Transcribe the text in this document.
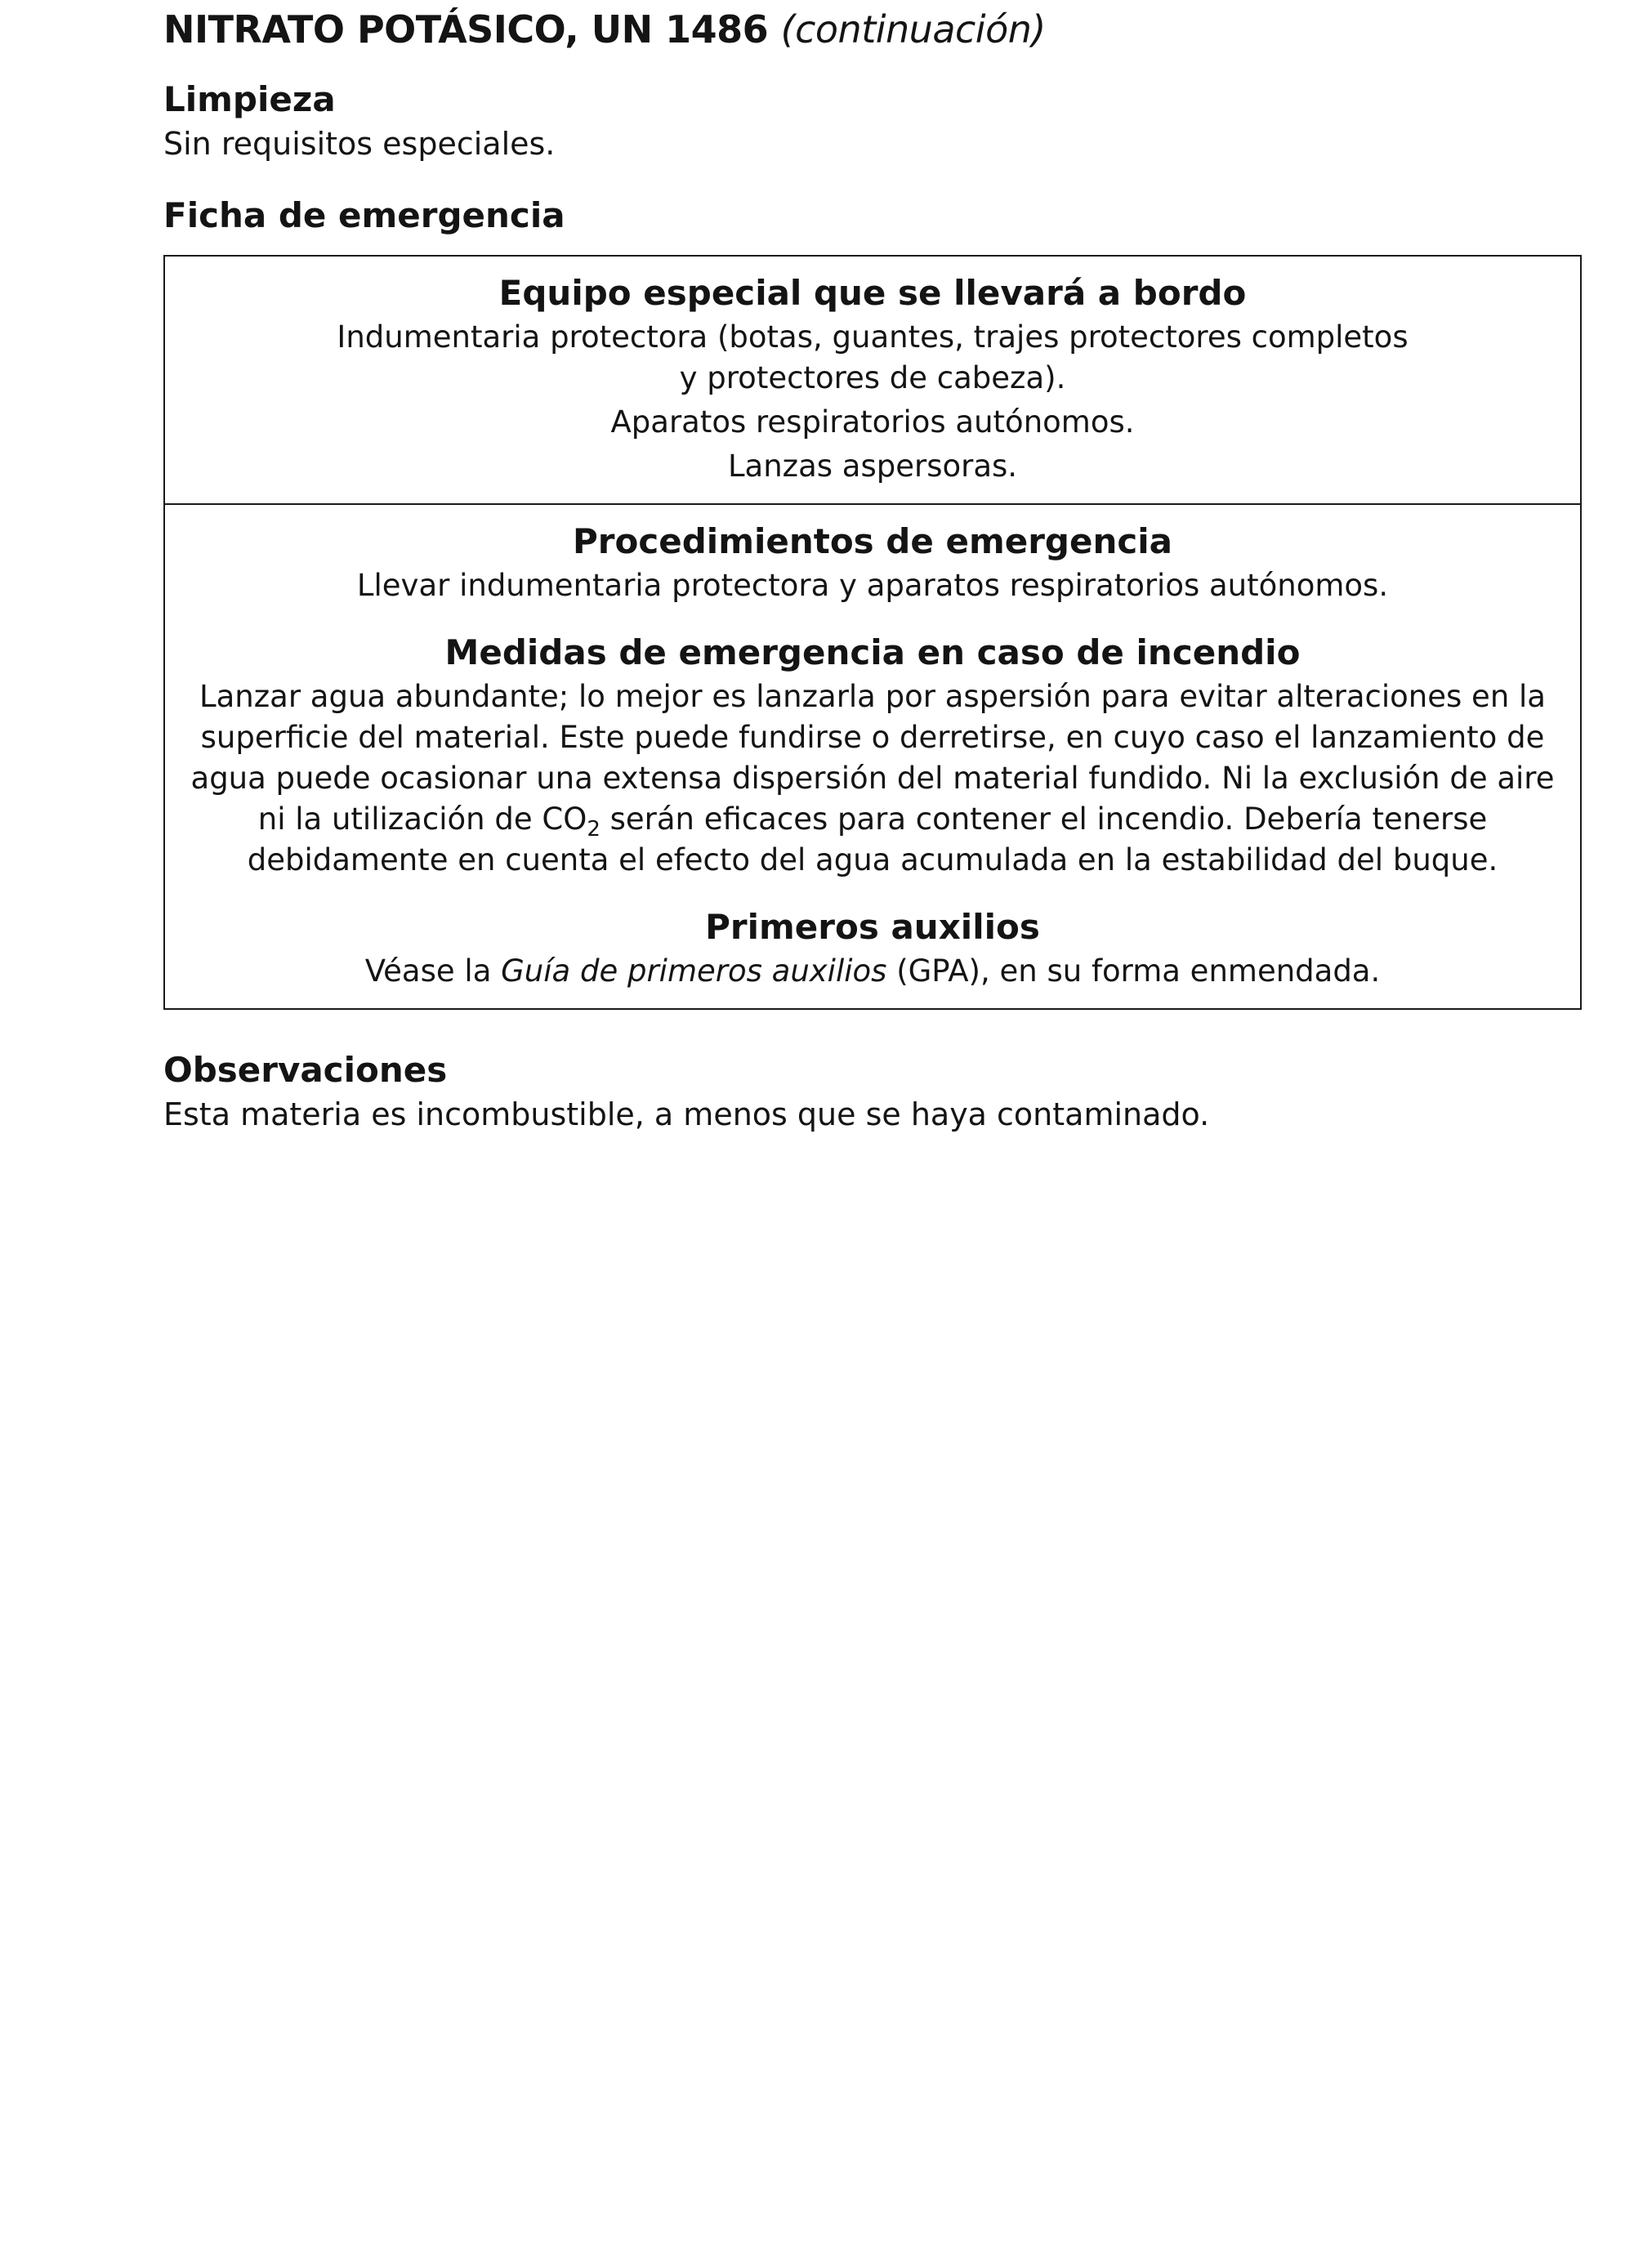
NITRATO POTÁSICO, UN 1486 (continuación)
Limpieza

Sin requisitos especiales.

Ficha de emergencia
Equipo especial que se llevará a bordo

Indumentaria protectora (botas, guantes, trajes protectores completos y protectores de cabeza).

Aparatos respiratorios autónomos.

Lanzas aspersoras.

Procedimientos de emergencia

Llevar indumentaria protectora y aparatos respiratorios autónomos.

Medidas de emergencia en caso de incendio

Lanzar agua abundante; lo mejor es lanzarla por aspersión para evitar alteraciones en la superficie del material. Este puede fundirse o derretirse, en cuyo caso el lanzamiento de agua puede ocasionar una extensa dispersión del material fundido. Ni la exclusión de aire ni la utilización de $CO_2$ serán eficaces para contener el incendio. Debería tenerse debidamente en cuenta el efecto del agua acumulada en la estabilidad del buque.

Primeros auxilios

Véase la Guía de primeros auxilios (GPA), en su forma enmendada.

Observaciones

Esta materia es incombustible, a menos que se haya contaminado.
